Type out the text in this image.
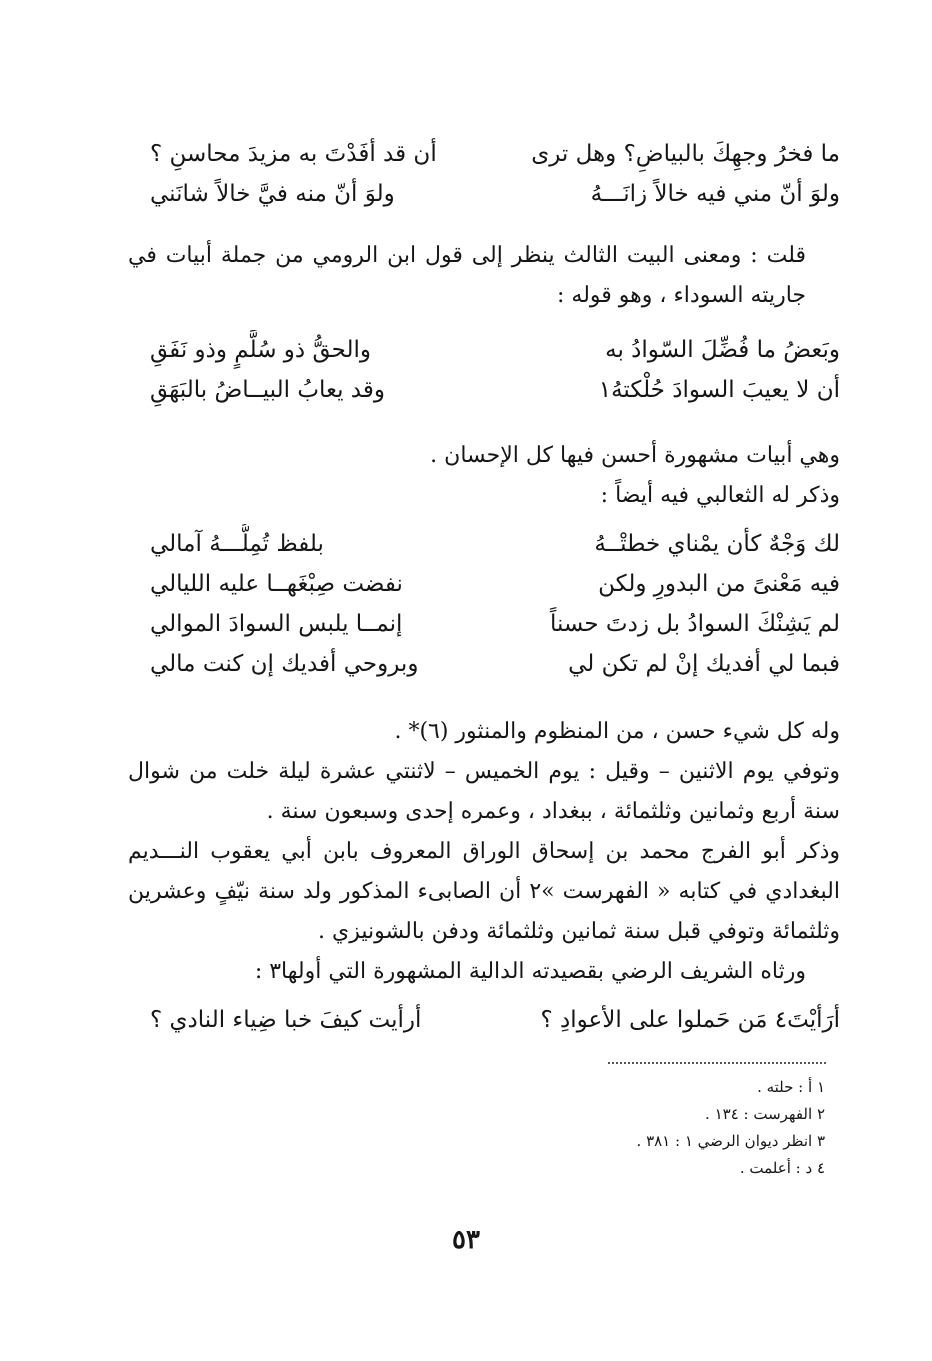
ما فخرُ وجهِكَ بالبياضِ؟ وهل ترى
أن قد أفَدْتَ به مزيدَ محاسنِ ؟
ولوَ أنّ مني فيه خالاً زانَـــهُ
ولوَ أنّ منه فيَّ خالاً شانَني

قلت : ومعنى البيت الثالث ينظر إلى قول ابن الرومي من جملة أبيات في جاريته السوداء ، وهو قوله :

وبَعضُ ما فُضِّلَ السّوادُ به
والحقُّ ذو سُلَّمٍ وذو نَفَقِ
أن لا يعيبَ السوادَ حُلْكتهُ١
وقد يعابُ البيــاضُ بالبَهَقِ

وهي أبيات مشهورة أحسن فيها كل الإحسان .

وذكر له الثعالبي فيه أيضاً :

لك وَجْهٌ كأن يمْناي خطتْــهُ
بلفظ تُمِلُّـــهُ آمالي
فيه مَعْنىً من البدورِ ولكن
نفضت صِبْغَهــا عليه الليالي
لم يَشِنْكَ السوادُ بل زدتَ حسناً
إنمــا يلبس السوادَ الموالي
فبما لي أفديك إنْ لم تكن لي
وبروحي أفديك إن كنت مالي

وله كل شيء حسن ، من المنظوم والمنثور (٦)* .

وتوفي يوم الاثنين – وقيل : يوم الخميس – لاثنتي عشرة ليلة خلت من شوال سنة أربع وثمانين وثلثمائة ، ببغداد ، وعمره إحدى وسبعون سنة .

وذكر أبو الفرج محمد بن إسحاق الوراق المعروف بابن أبي يعقوب النـــديم البغدادي في كتابه « الفهرست »٢ أن الصابىء المذكور ولد سنة نيّفٍ وعشرين وثلثمائة وتوفي قبل سنة ثمانين وثلثمائة ودفن بالشونيزي .

ورثاه الشريف الرضي بقصيدته الدالية المشهورة التي أولها٣ :

أرَأيْتَ٤ مَن حَملوا على الأعوادِ ؟
أرأيت كيفَ خبا ضِياء النادي ؟
١ أ : حلته .
٢ الفهرست : ١٣٤ .
٣ انظر ديوان الرضي ١ : ٣٨١ .
٤ د : أعلمت .
٥٣
